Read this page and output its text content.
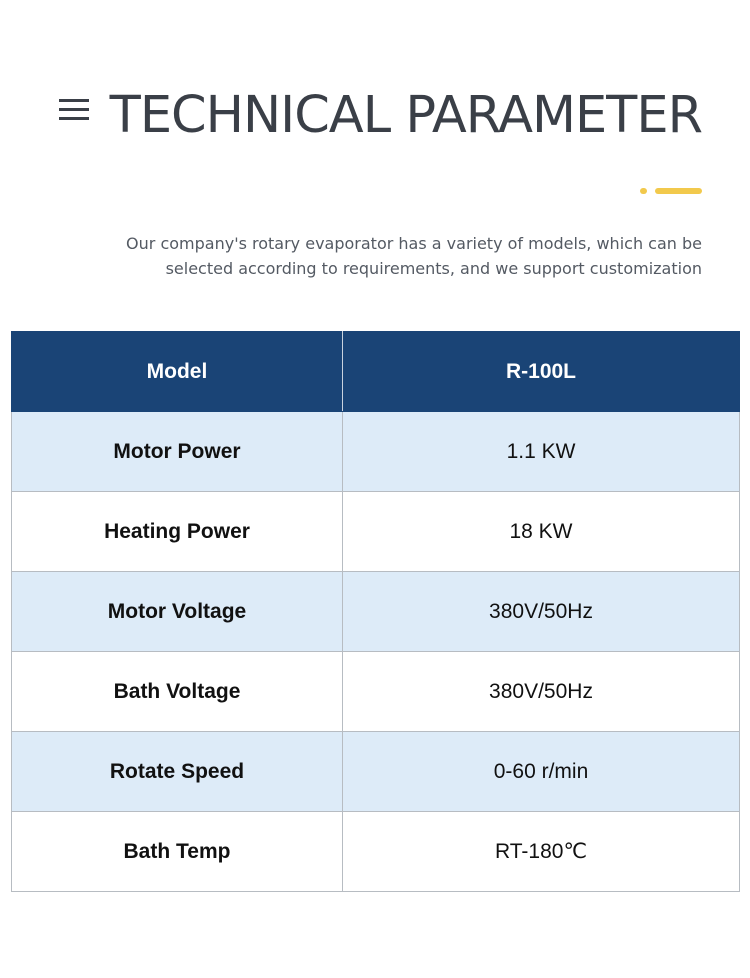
TECHNICAL PARAMETER

Our company's rotary evaporator has a variety of models, which can be
selected according to requirements, and we support customization

Model	R-100L
Motor Power	1.1 KW
Heating Power	18 KW
Motor Voltage	380V/50Hz
Bath Voltage	380V/50Hz
Rotate Speed	0-60 r/min
Bath Temp	RT-180℃
